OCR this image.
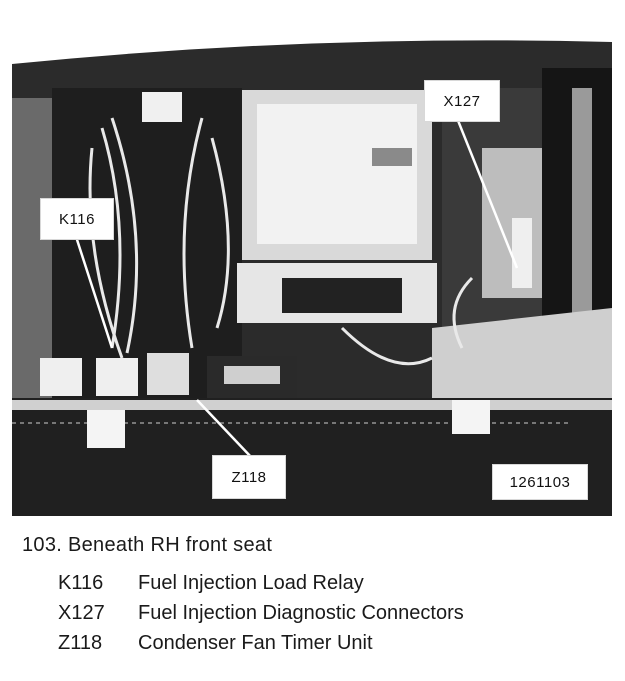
X127
K116
Z118	1261103
103. Beneath RH front seat
K116	Fuel Injection Load Relay
X127	Fuel Injection Diagnostic Connectors
Z118	Condenser Fan Timer Unit
